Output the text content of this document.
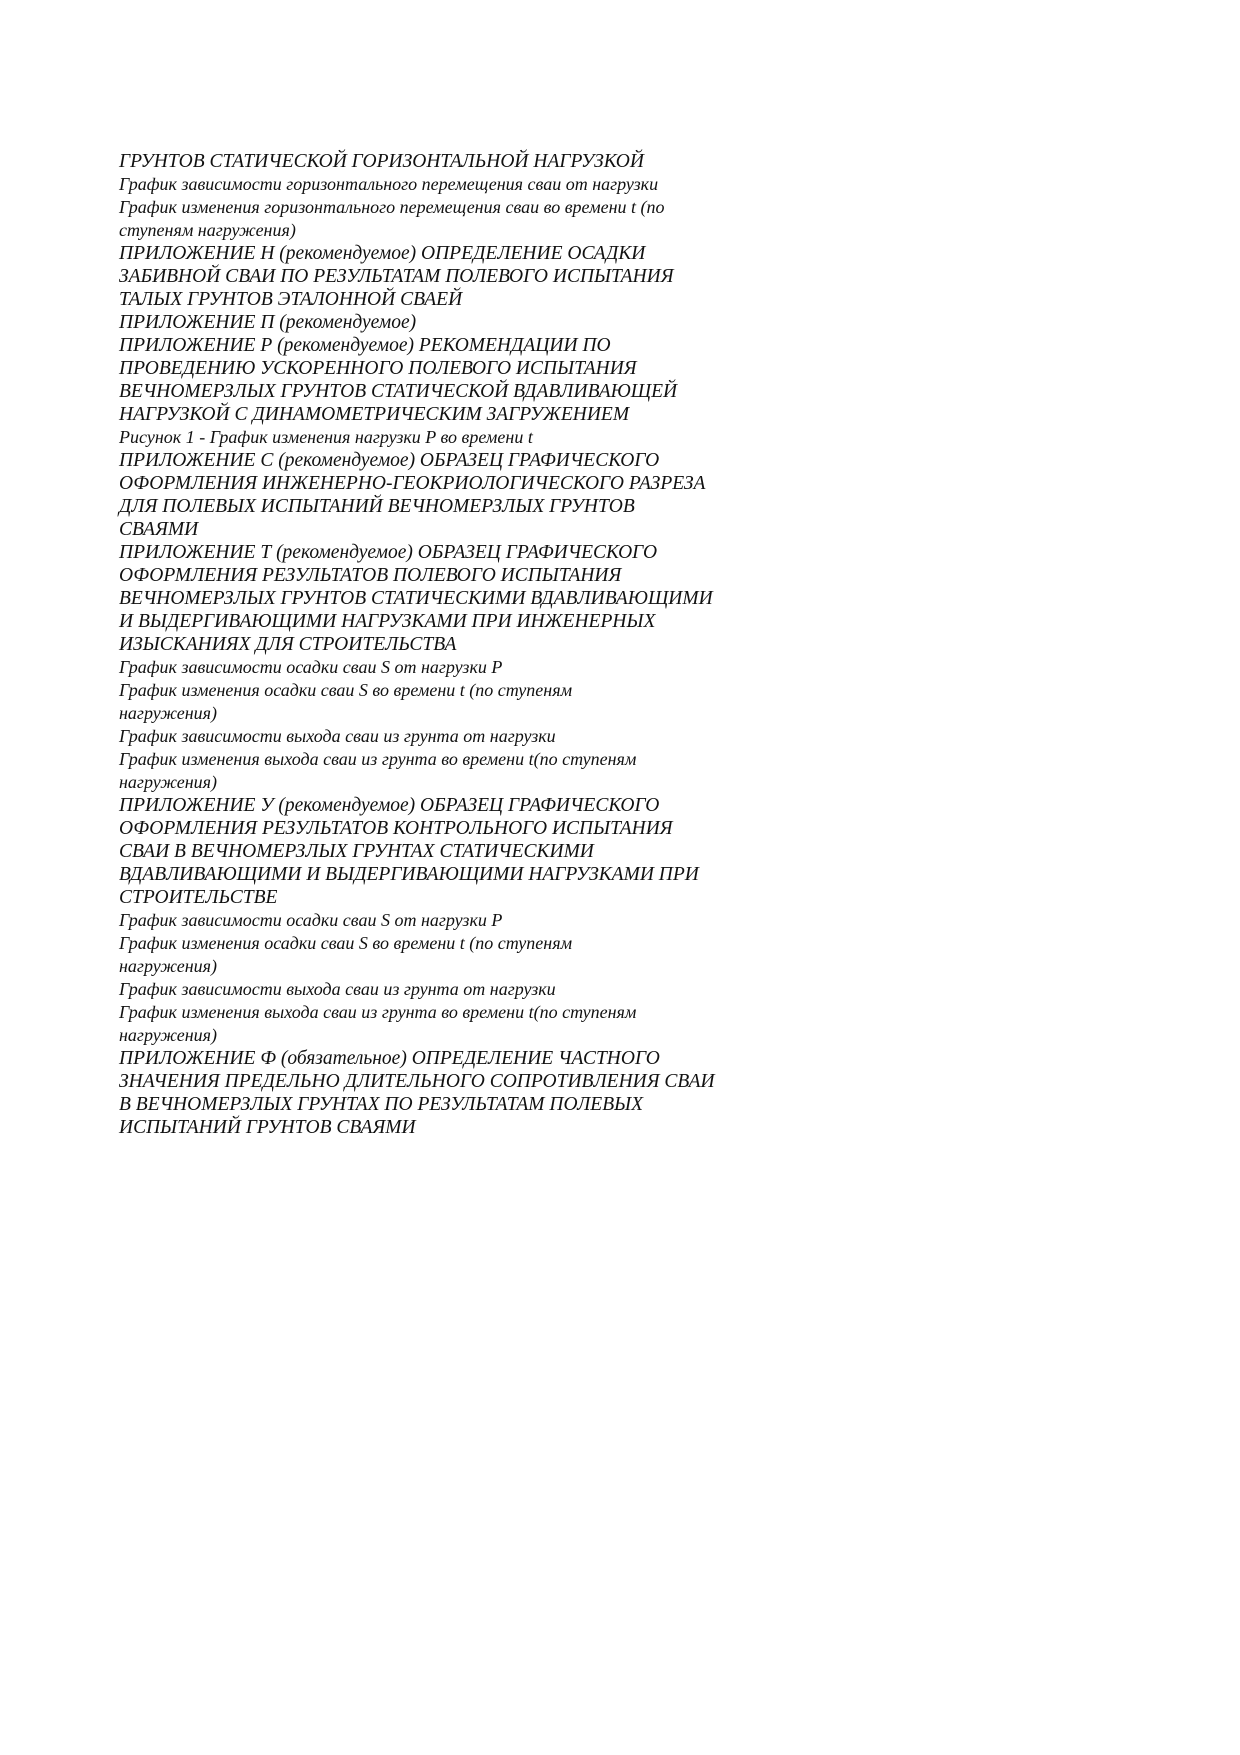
ГРУНТОВ СТАТИЧЕСКОЙ ГОРИЗОНТАЛЬНОЙ НАГРУЗКОЙ

График зависимости горизонтального перемещения сваи от нагрузки

График изменения горизонтального перемещения сваи во времени t (по

ступеням нагружения)

ПРИЛОЖЕНИЕ Н (рекомендуемое) ОПРЕДЕЛЕНИЕ ОСАДКИ

ЗАБИВНОЙ СВАИ ПО РЕЗУЛЬТАТАМ ПОЛЕВОГО ИСПЫТАНИЯ

ТАЛЫХ ГРУНТОВ ЭТАЛОННОЙ СВАЕЙ

ПРИЛОЖЕНИЕ П (рекомендуемое)

ПРИЛОЖЕНИЕ Р (рекомендуемое) РЕКОМЕНДАЦИИ ПО

ПРОВЕДЕНИЮ УСКОРЕННОГО ПОЛЕВОГО ИСПЫТАНИЯ

ВЕЧНОМЕРЗЛЫХ ГРУНТОВ СТАТИЧЕСКОЙ ВДАВЛИВАЮЩЕЙ

НАГРУЗКОЙ С ДИНАМОМЕТРИЧЕСКИМ ЗАГРУЖЕНИЕМ

Рисунок 1 - График изменения нагрузки P во времени t

ПРИЛОЖЕНИЕ С (рекомендуемое) ОБРАЗЕЦ ГРАФИЧЕСКОГО

ОФОРМЛЕНИЯ ИНЖЕНЕРНО-ГЕОКРИОЛОГИЧЕСКОГО РАЗРЕЗА

ДЛЯ ПОЛЕВЫХ ИСПЫТАНИЙ ВЕЧНОМЕРЗЛЫХ ГРУНТОВ

СВАЯМИ

ПРИЛОЖЕНИЕ Т (рекомендуемое) ОБРАЗЕЦ ГРАФИЧЕСКОГО

ОФОРМЛЕНИЯ РЕЗУЛЬТАТОВ ПОЛЕВОГО ИСПЫТАНИЯ

ВЕЧНОМЕРЗЛЫХ ГРУНТОВ СТАТИЧЕСКИМИ ВДАВЛИВАЮЩИМИ

И ВЫДЕРГИВАЮЩИМИ НАГРУЗКАМИ ПРИ ИНЖЕНЕРНЫХ

ИЗЫСКАНИЯХ ДЛЯ СТРОИТЕЛЬСТВА

График зависимости осадки сваи S от нагрузки P

График изменения осадки сваи S во времени t (по ступеням

нагружения)

График зависимости выхода сваи из грунта от нагрузки

График изменения выхода сваи из грунта во времени t(по ступеням

нагружения)

ПРИЛОЖЕНИЕ У (рекомендуемое) ОБРАЗЕЦ ГРАФИЧЕСКОГО

ОФОРМЛЕНИЯ РЕЗУЛЬТАТОВ КОНТРОЛЬНОГО ИСПЫТАНИЯ

СВАИ В ВЕЧНОМЕРЗЛЫХ ГРУНТАХ СТАТИЧЕСКИМИ

ВДАВЛИВАЮЩИМИ И ВЫДЕРГИВАЮЩИМИ НАГРУЗКАМИ ПРИ

СТРОИТЕЛЬСТВЕ

График зависимости осадки сваи S от нагрузки P

График изменения осадки сваи S во времени t (по ступеням

нагружения)

График зависимости выхода сваи из грунта от нагрузки

График изменения выхода сваи из грунта во времени t(по ступеням

нагружения)

ПРИЛОЖЕНИЕ Ф (обязательное) ОПРЕДЕЛЕНИЕ ЧАСТНОГО

ЗНАЧЕНИЯ ПРЕДЕЛЬНО ДЛИТЕЛЬНОГО СОПРОТИВЛЕНИЯ СВАИ

В ВЕЧНОМЕРЗЛЫХ ГРУНТАХ ПО РЕЗУЛЬТАТАМ ПОЛЕВЫХ

ИСПЫТАНИЙ ГРУНТОВ СВАЯМИ
